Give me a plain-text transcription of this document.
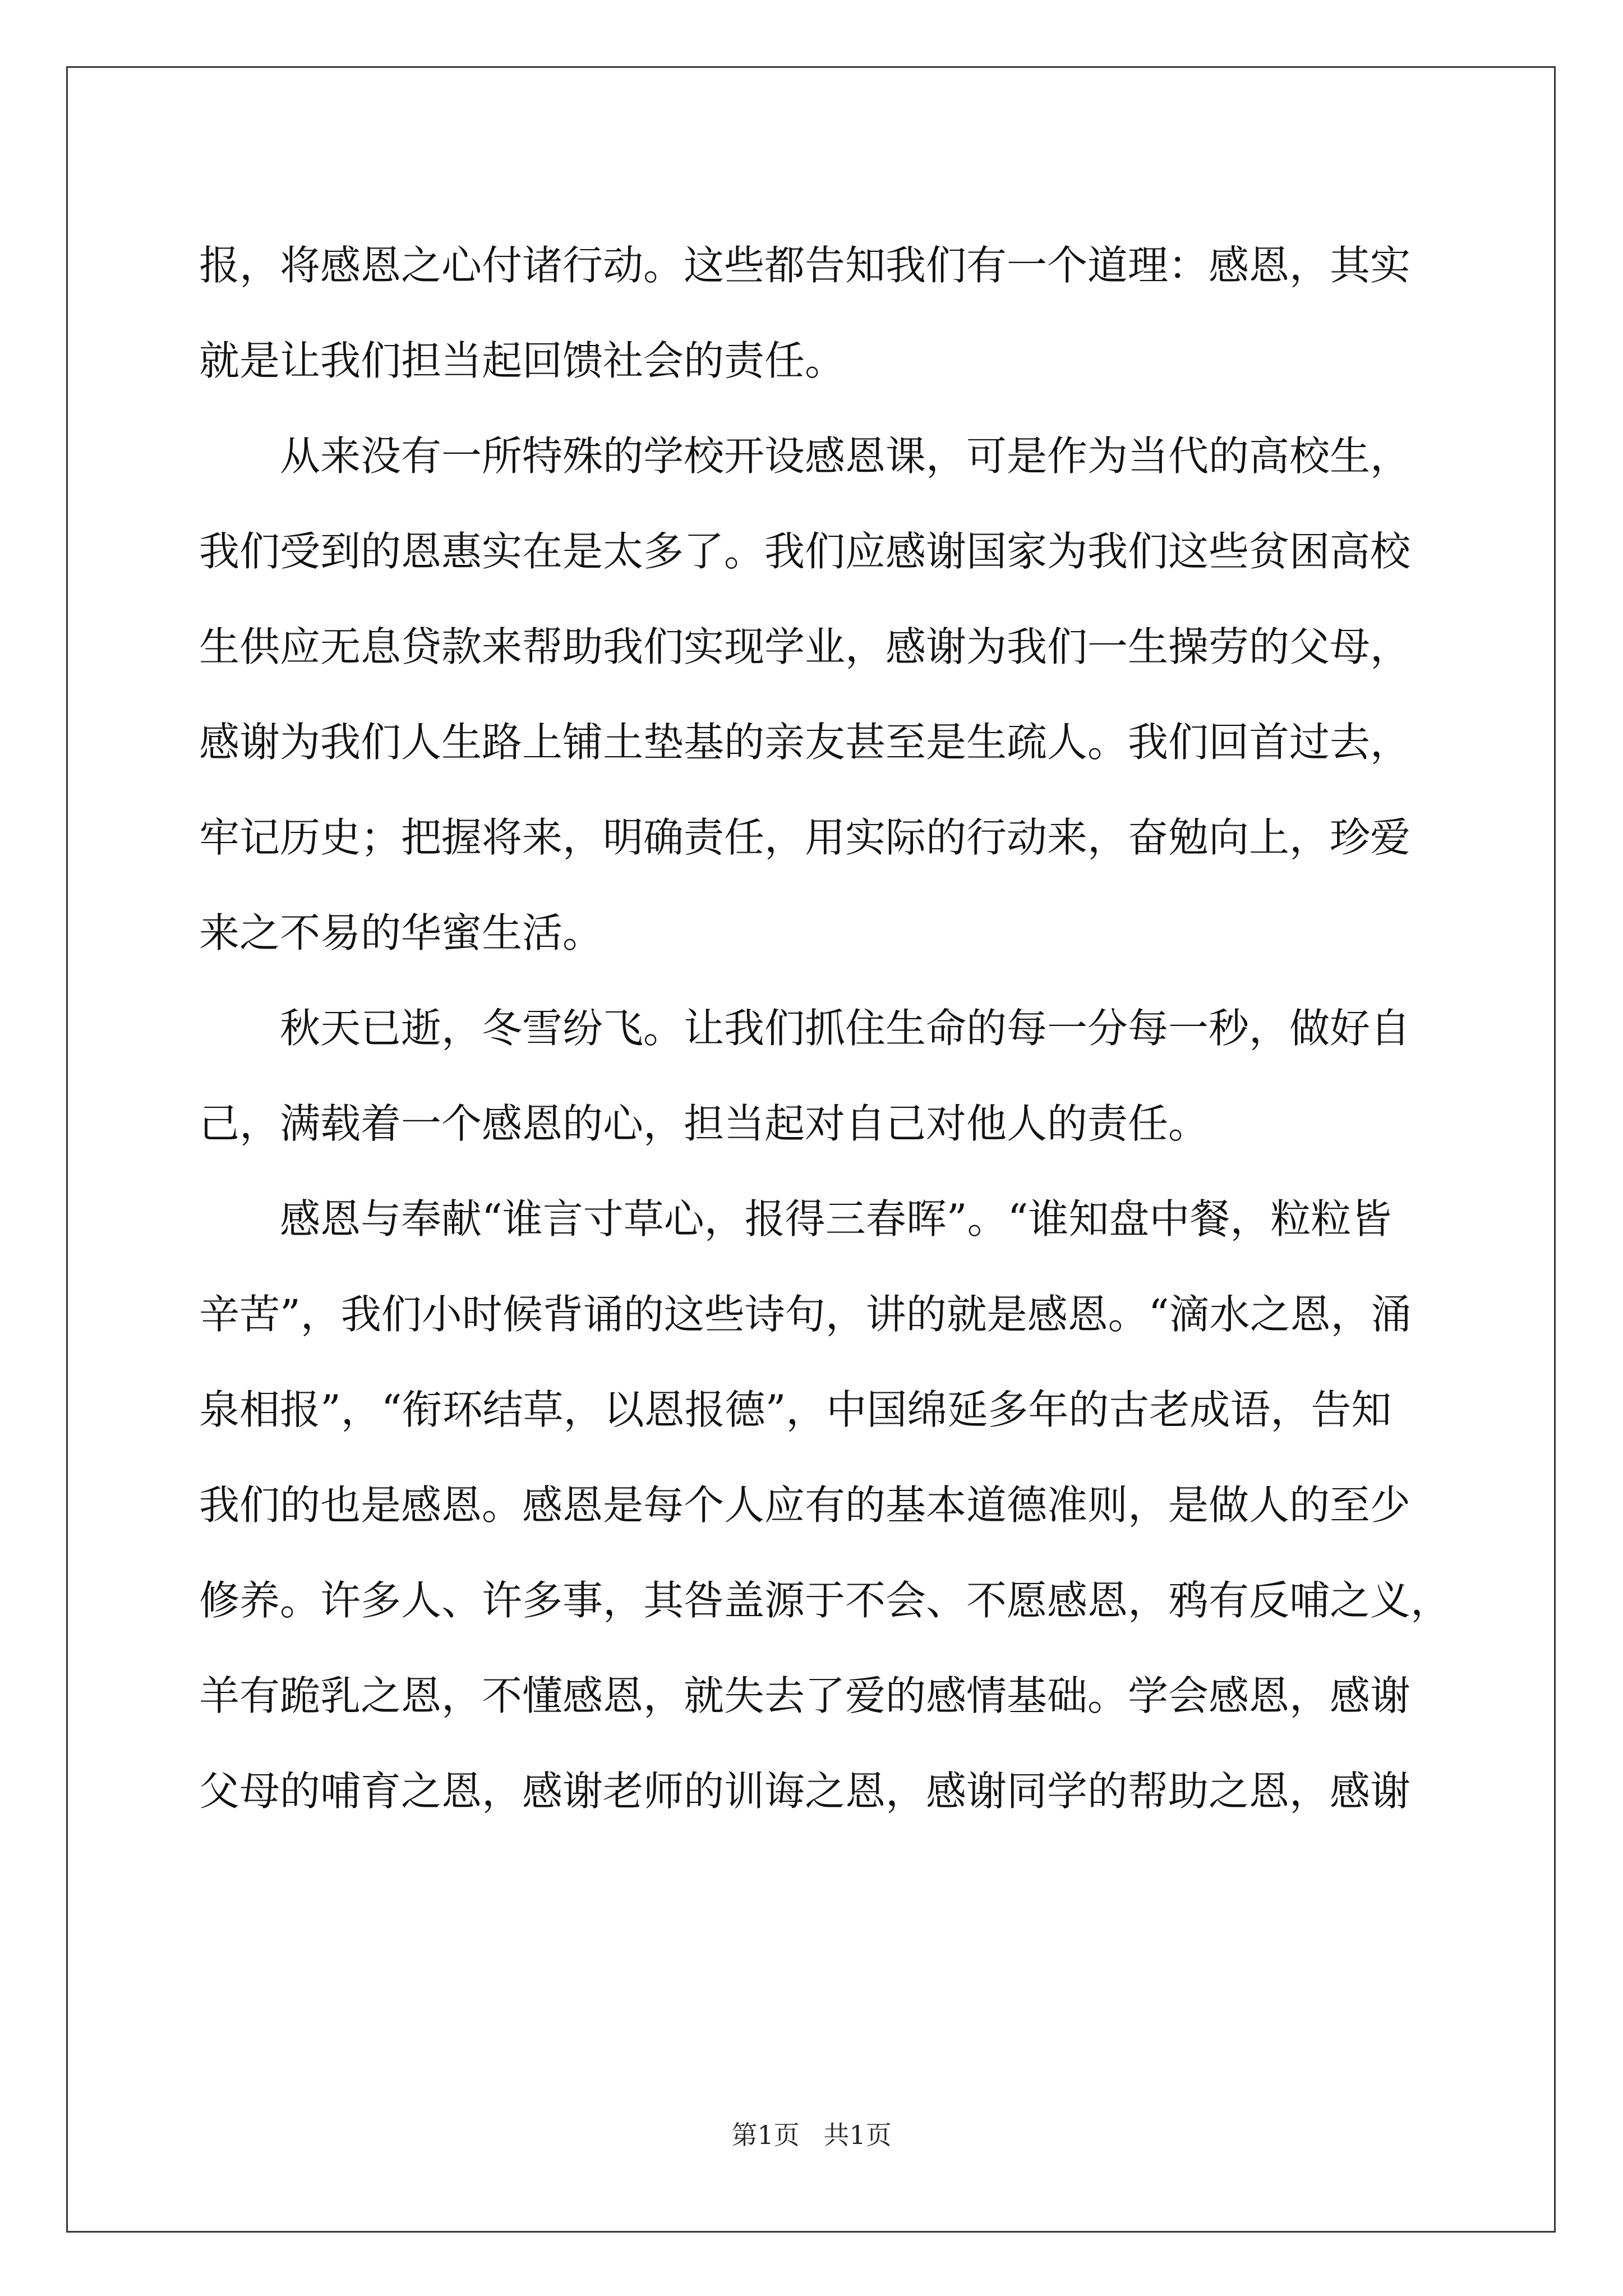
报，将感恩之心付诸行动。这些都告知我们有一个道理：感恩，其实
就是让我们担当起回馈社会的责任。
　　从来没有一所特殊的学校开设感恩课，可是作为当代的高校生，
我们受到的恩惠实在是太多了。我们应感谢国家为我们这些贫困高校
生供应无息贷款来帮助我们实现学业，感谢为我们一生操劳的父母，
感谢为我们人生路上铺土垫基的亲友甚至是生疏人。我们回首过去，
牢记历史；把握将来，明确责任，用实际的行动来，奋勉向上，珍爱
来之不易的华蜜生活。
　　秋天已逝，冬雪纷飞。让我们抓住生命的每一分每一秒，做好自
己，满载着一个感恩的心，担当起对自己对他人的责任。
　　感恩与奉献“谁言寸草心，报得三春晖”。“谁知盘中餐，粒粒皆
辛苦”，我们小时候背诵的这些诗句，讲的就是感恩。“滴水之恩，涌
泉相报”，“衔环结草，以恩报德”，中国绵延多年的古老成语，告知
我们的也是感恩。感恩是每个人应有的基本道德准则，是做人的至少
修养。许多人、许多事，其咎盖源于不会、不愿感恩，鸦有反哺之义，
羊有跪乳之恩，不懂感恩，就失去了爱的感情基础。学会感恩，感谢
父母的哺育之恩，感谢老师的训诲之恩，感谢同学的帮助之恩，感谢
第1页 共1页
